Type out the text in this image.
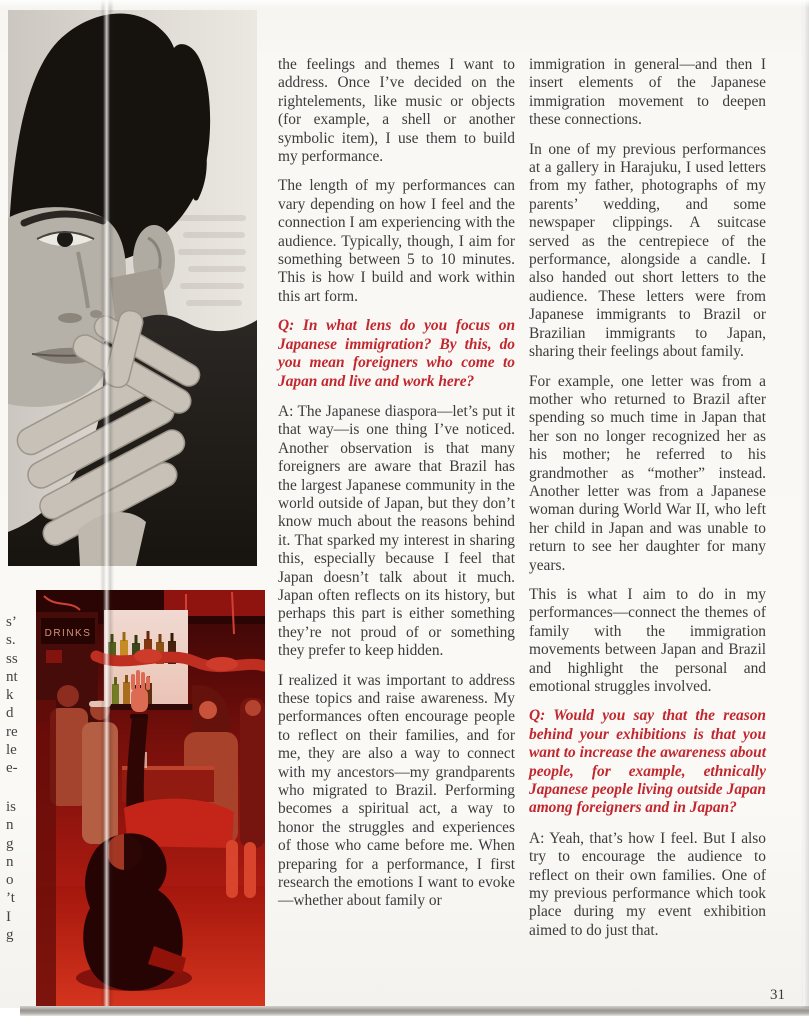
DRINKS
s’
s.
ss
nt
k
d
re
le
e-
is
n
g
n
o
’t
I
g

the feelings and themes I want to address. Once I’ve decided on the rightelements, like music or objects (for example, a shell or another symbolic item), I use them to build my performance.

The length of my performances can vary depending on how I feel and the connection I am experiencing with the audience. Typically, though, I aim for something between 5 to 10 minutes. This is how I build and work within this art form.

Q: In what lens do you focus on Japanese immigration? By this, do you mean foreigners who come to Japan and live and work here?

A: The Japanese diaspora—let’s put it that way—is one thing I’ve noticed. Another observation is that many foreigners are aware that Brazil has the largest Japanese community in the world outside of Japan, but they don’t know much about the reasons behind it. That sparked my interest in sharing this, especially because I feel that Japan doesn’t talk about it much. Japan often reflects on its history, but perhaps this part is either something they’re not proud of or something they prefer to keep hidden.

I realized it was important to address these topics and raise awareness. My performances often encourage people to reflect on their families, and for me, they are also a way to connect with my ancestors—my grandparents who migrated to Brazil. Performing becomes a spiritual act, a way to honor the struggles and experiences of those who came before me. When preparing for a performance, I first research the emotions I want to evoke—whether about family or

immigration in general—and then I insert elements of the Japanese immigration movement to deepen these connections.

In one of my previous performances at a gallery in Harajuku, I used letters from my father, photographs of my parents’ wedding, and some newspaper clippings. A suitcase served as the centrepiece of the performance, alongside a candle. I also handed out short letters to the audience. These letters were from Japanese immigrants to Brazil or Brazilian immigrants to Japan, sharing their feelings about family.

For example, one letter was from a mother who returned to Brazil after spending so much time in Japan that her son no longer recognized her as his mother; he referred to his grandmother as “mother” instead. Another letter was from a Japanese woman during World War II, who left her child in Japan and was unable to return to see her daughter for many years.

This is what I aim to do in my performances—connect the themes of family with the immigration movements between Japan and Brazil and highlight the personal and emotional struggles involved.

Q: Would you say that the reason behind your exhibitions is that you want to increase the awareness about people, for example, ethnically Japanese people living outside Japan among foreigners and in Japan?

A: Yeah, that’s how I feel. But I also try to encourage the audience to reflect on their own families. One of my previous performance which took place during my event exhibition aimed to do just that.

31
